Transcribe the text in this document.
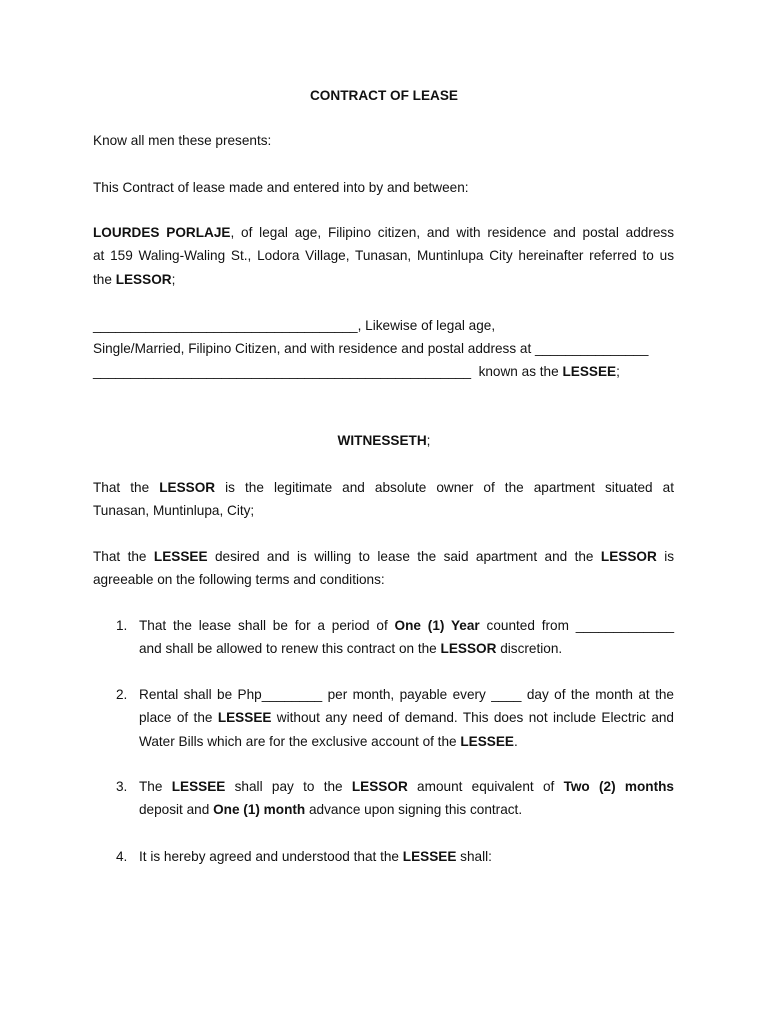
CONTRACT OF LEASE
Know all men these presents:
This Contract of lease made and entered into by and between:
LOURDES PORLAJE, of legal age, Filipino citizen, and with residence and postal address
at 159 Waling-Waling St., Lodora Village, Tunasan, Muntinlupa City hereinafter referred to us
the LESSOR;
___________________________________, Likewise of legal age,
Single/Married, Filipino Citizen, and with residence and postal address at _______________
__________________________________________________  known as the LESSEE;
WITNESSETH;
That the LESSOR is the legitimate and absolute owner of the apartment situated at
Tunasan, Muntinlupa, City;
That the LESSEE desired and is willing to lease the said apartment and the LESSOR is
agreeable on the following terms and conditions:
1. That the lease shall be for a period of One (1) Year counted from _____________
and shall be allowed to renew this contract on the LESSOR discretion.
2. Rental shall be Php________ per month, payable every ____ day of the month at the
place of the LESSEE without any need of demand. This does not include Electric and
Water Bills which are for the exclusive account of the LESSEE.
3. The LESSEE shall pay to the LESSOR amount equivalent of Two (2) months
deposit and One (1) month advance upon signing this contract.
4. It is hereby agreed and understood that the LESSEE shall:
